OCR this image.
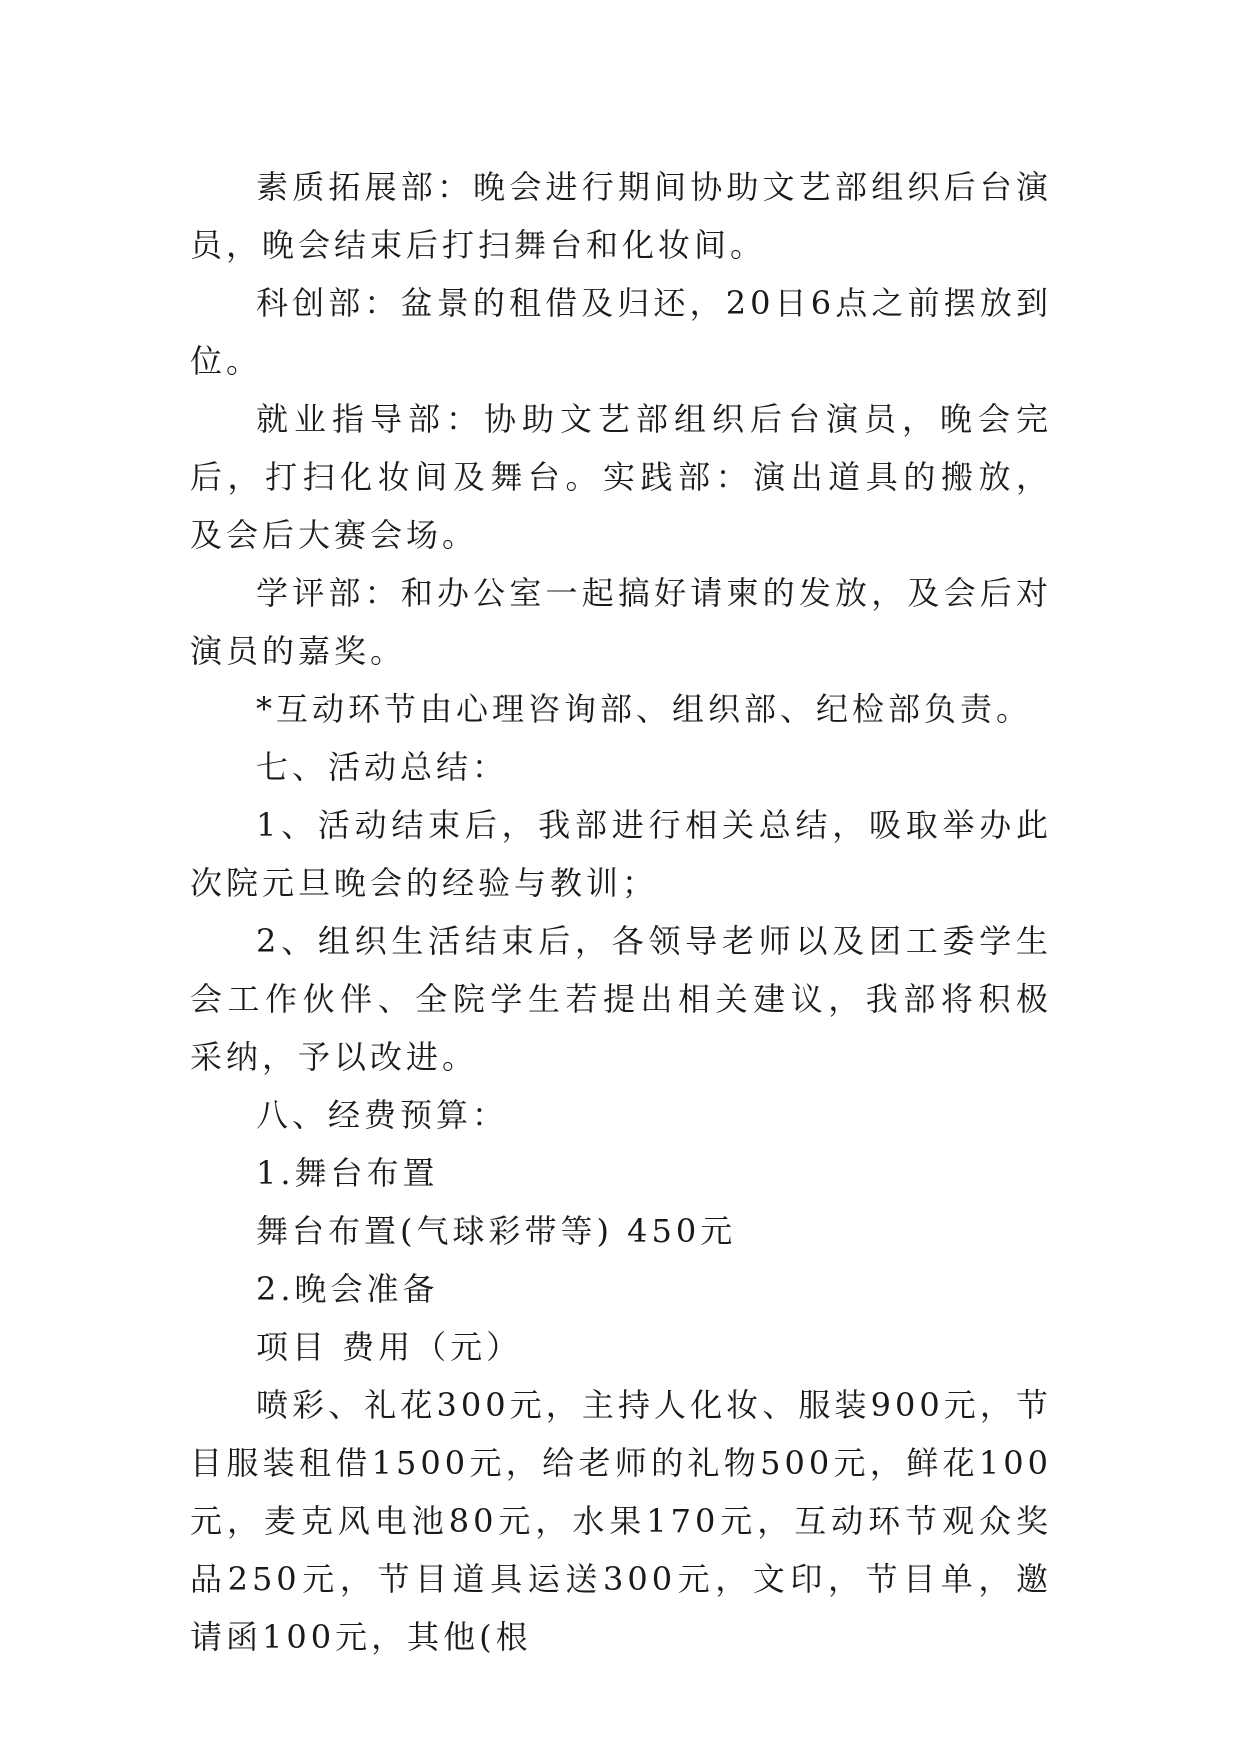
素质拓展部：晚会进行期间协助文艺部组织后台演员，晚会结束后打扫舞台和化妆间。

科创部：盆景的租借及归还，20日6点之前摆放到位。

就业指导部：协助文艺部组织后台演员，晚会完后，打扫化妆间及舞台。实践部：演出道具的搬放，及会后大赛会场。

学评部：和办公室一起搞好请柬的发放，及会后对演员的嘉奖。

*互动环节由心理咨询部、组织部、纪检部负责。

七、活动总结：

1、活动结束后，我部进行相关总结，吸取举办此次院元旦晚会的经验与教训；

2、组织生活结束后，各领导老师以及团工委学生会工作伙伴、全院学生若提出相关建议，我部将积极采纳，予以改进。

八、经费预算：

1.舞台布置

舞台布置(气球彩带等) 450元

2.晚会准备

项目 费用（元）

喷彩、礼花300元，主持人化妆、服装900元，节目服装租借1500元，给老师的礼物500元，鲜花100元，麦克风电池80元，水果170元，互动环节观众奖品250元，节目道具运送300元，文印，节目单，邀请函100元，其他(根
